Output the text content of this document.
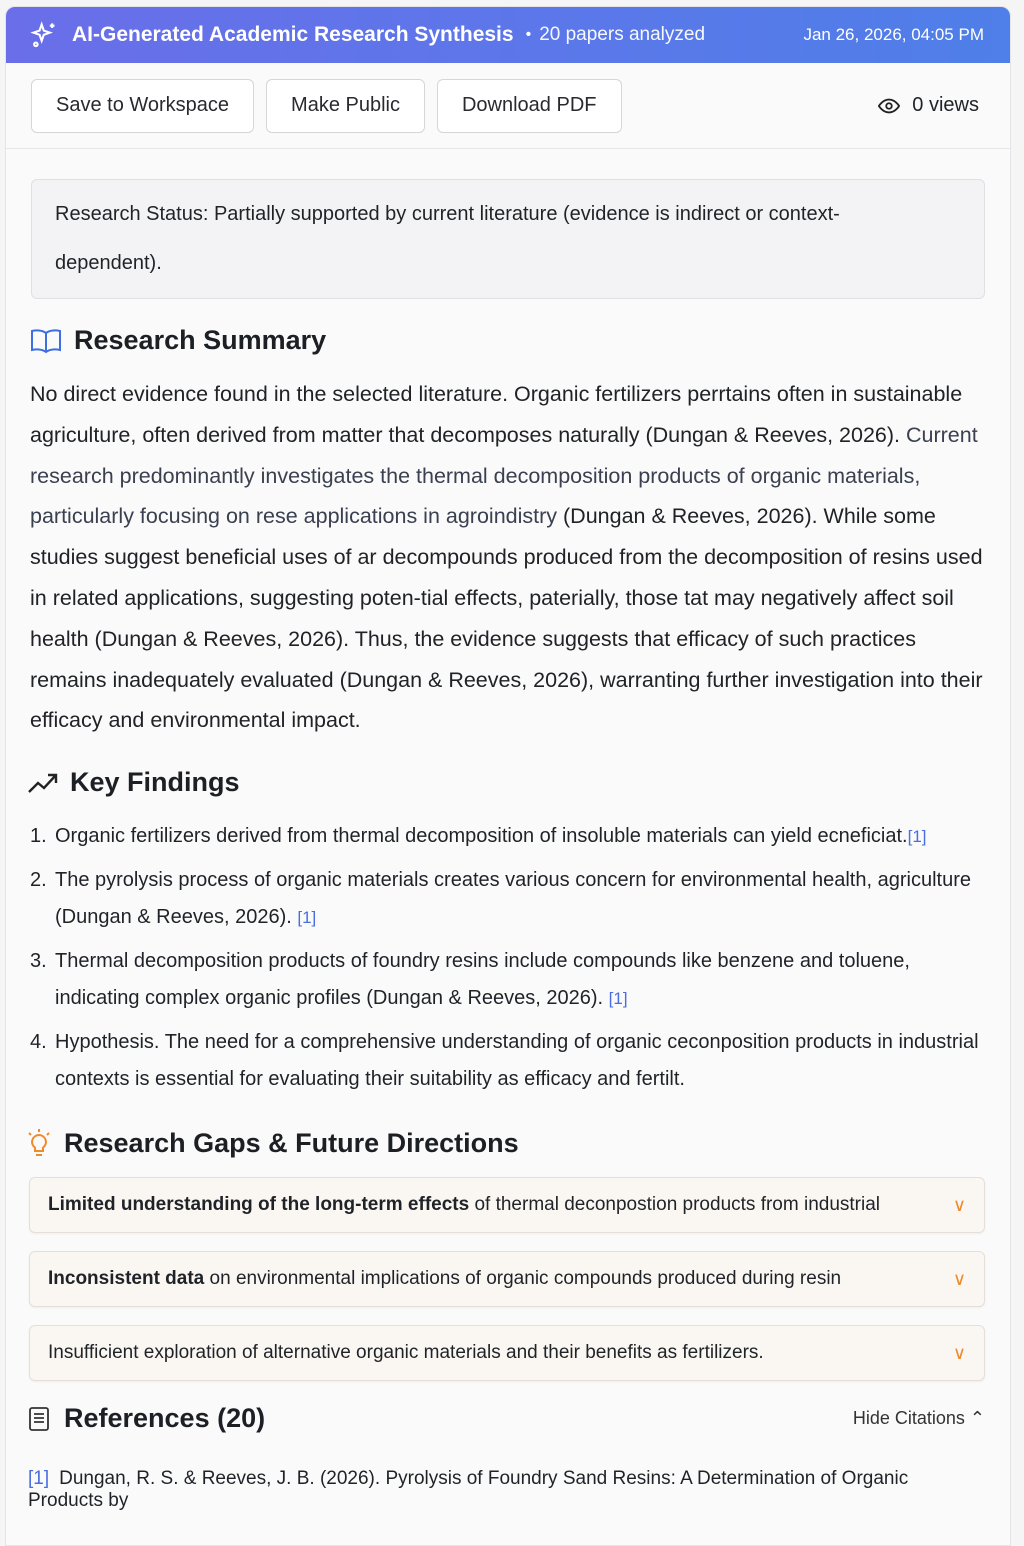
AI-Generated Academic Research Synthesis • 20 papers analyzed	Jan 26, 2026, 04:05 PM
Save to Workspace	Make Public	Download PDF	0 views
Research Status: Partially supported by current literature (evidence is indirect or context-dependent).
Research Summary

No direct evidence found in the selected literature. Organic fertilizers perrtains often in sustainable agriculture, often derived from matter that decomposes naturally (Dungan & Reeves, 2026). Current research predominantly investigates the thermal decomposition products of organic materials, particularly focusing on rese applications in agroindistry (Dungan & Reeves, 2026). While some studies suggest beneficial uses of ar decompounds produced from the decomposition of resins used in related applications, suggesting poten-tial effects, paterially, those tat may negatively affect soil health (Dungan & Reeves, 2026). Thus, the evidence suggests that efficacy of such practices remains inadequately evaluated (Dungan & Reeves, 2026), warranting further investigation into their efficacy and environmental impact.

Key Findings
1. Organic fertilizers derived from thermal decomposition of insoluble materials can yield ecneficiat.[1]
2. The pyrolysis process of organic materials creates various concern for environmental health, agriculture (Dungan & Reeves, 2026). [1]
3. Thermal decomposition products of foundry resins include compounds like benzene and toluene, indicating complex organic profiles (Dungan & Reeves, 2026). [1]
4. Hypothesis. The need for a comprehensive understanding of organic ceconposition products in industrial contexts is essential for evaluating their suitability as efficacy and fertilt.
Research Gaps & Future Directions
Limited understanding of the long-term effects of thermal deconpostion products from industrial	∨
Inconsistent data on environmental implications of organic compounds produced during resin	∨
Insufficient exploration of alternative organic materials and their benefits as fertilizers.	∨
References (20)	Hide Citations ⌃
[1] Dungan, R. S. & Reeves, J. B. (2026). Pyrolysis of Foundry Sand Resins: A Determination of Organic Products by
